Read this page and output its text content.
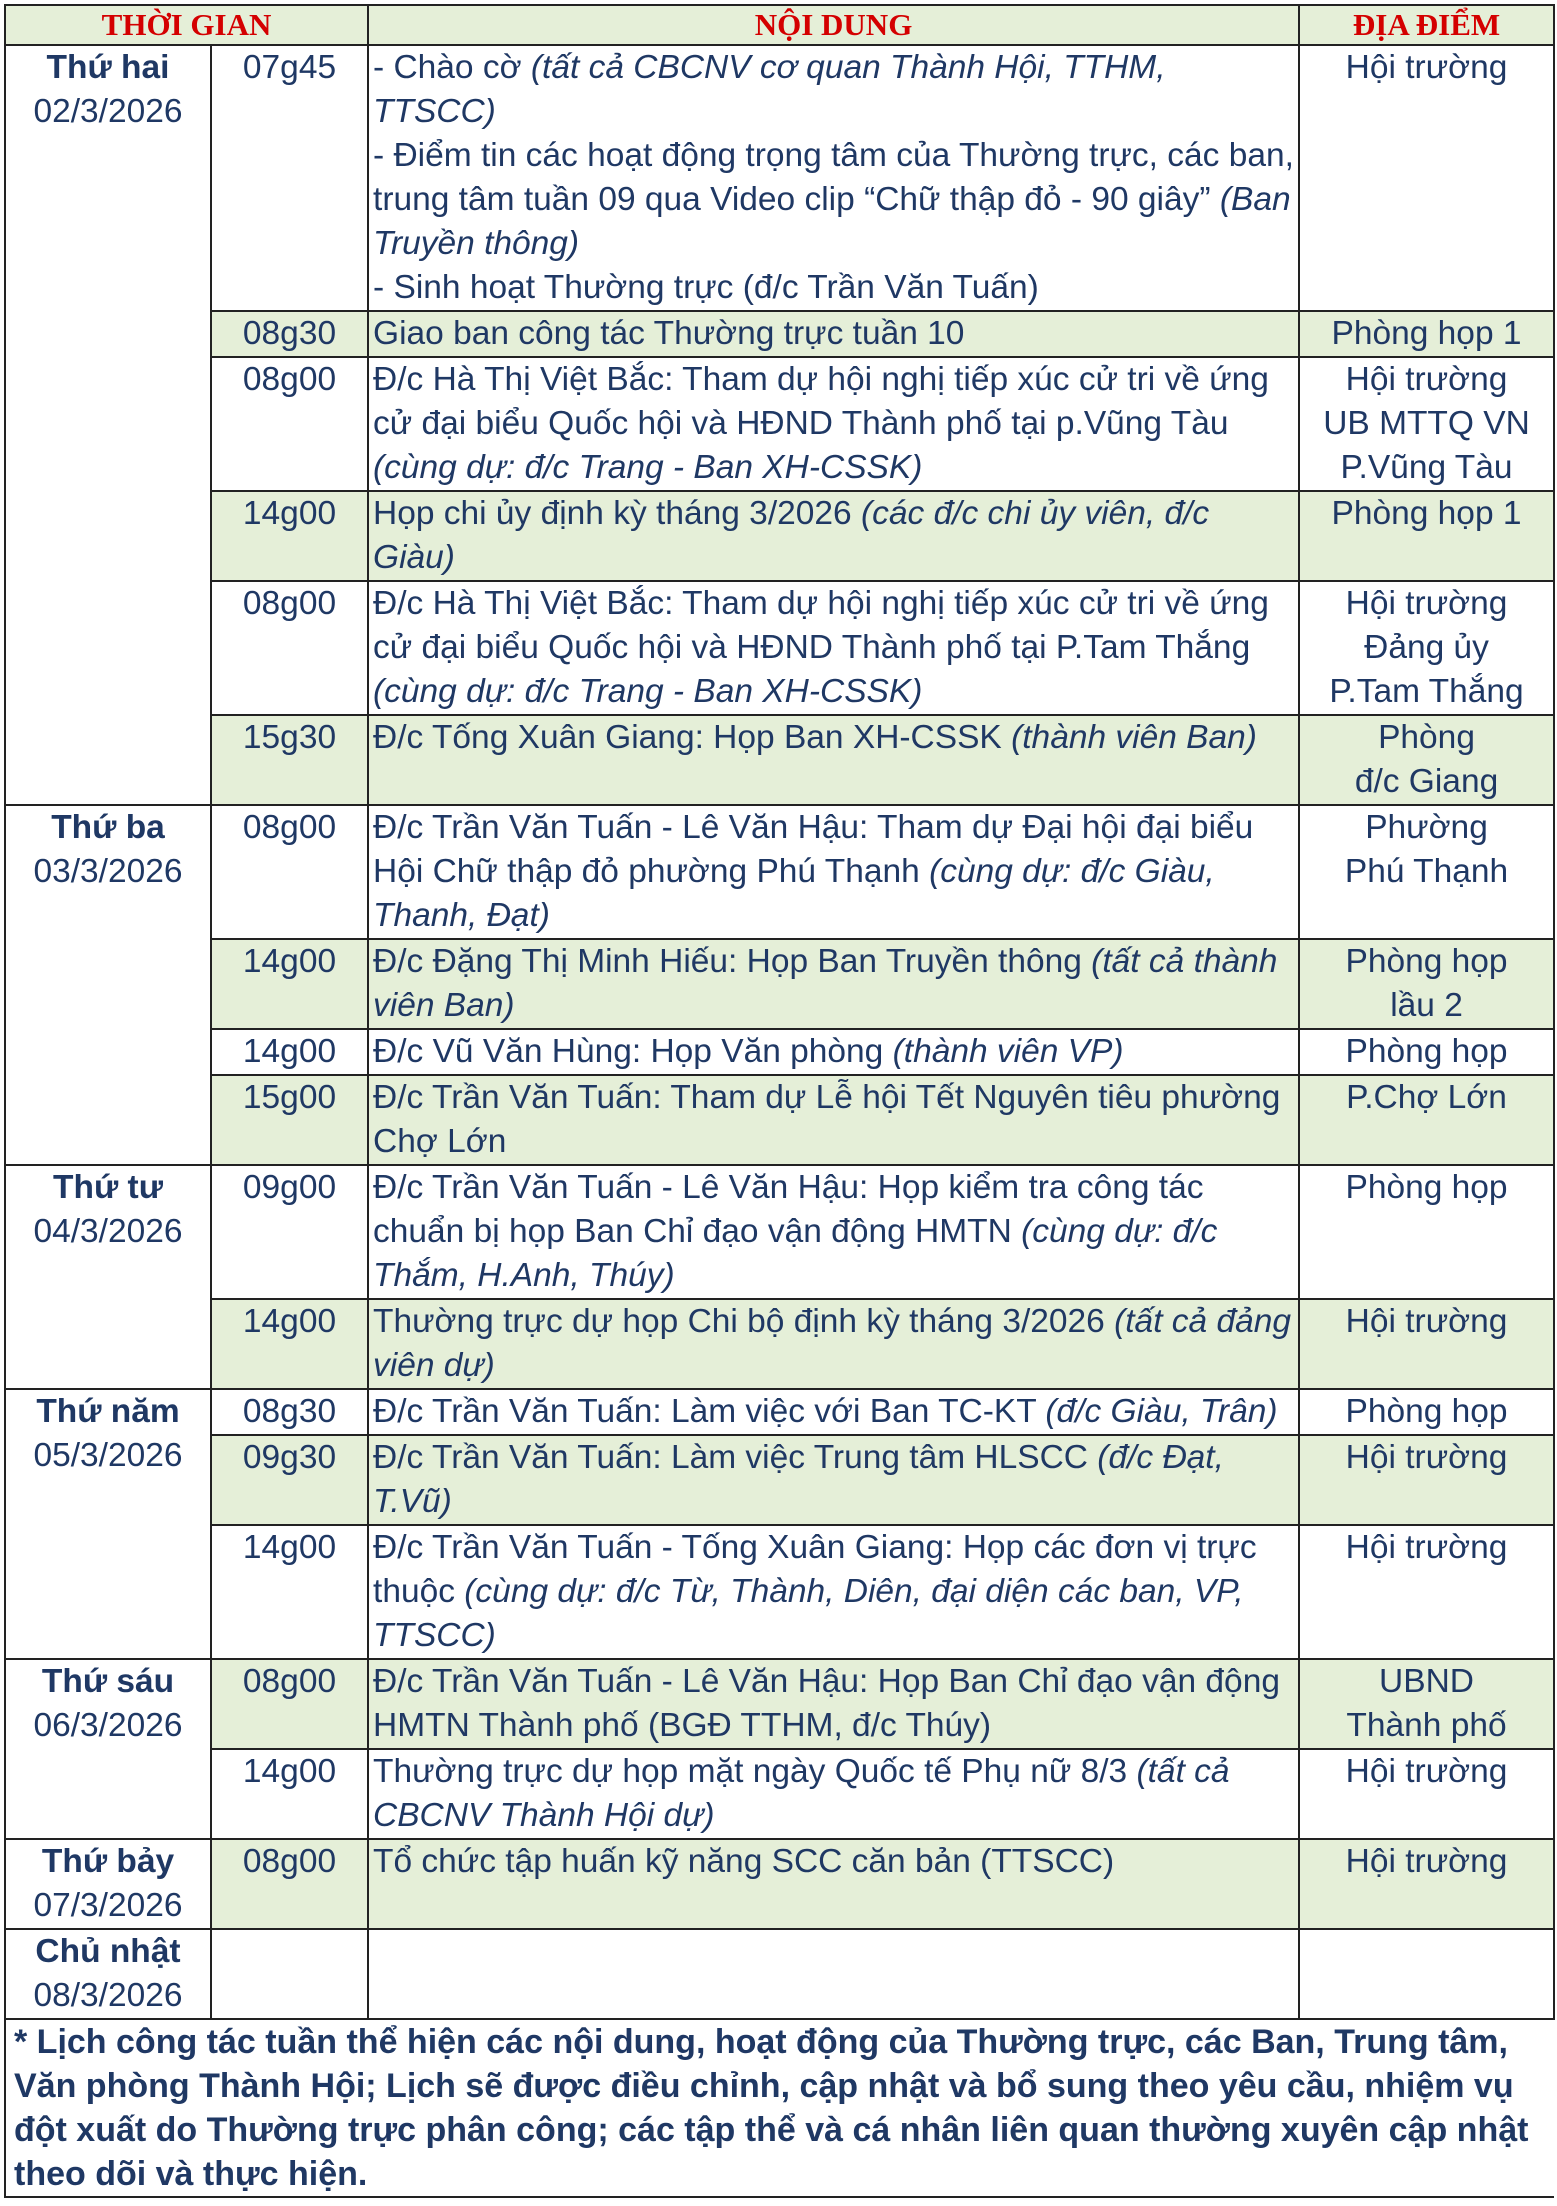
THỜI GIAN		NỘI DUNG	ĐỊA ĐIỂM

Thứ hai
02/3/2026	07g45	- Chào cờ (tất cả CBCNV cơ quan Thành Hội, TTHM, TTSCC)
- Điểm tin các hoạt động trọng tâm của Thường trực, các ban, trung tâm tuần 09 qua Video clip “Chữ thập đỏ - 90 giây” (Ban Truyền thông)
- Sinh hoạt Thường trực (đ/c Trần Văn Tuấn)	Hội trường
	08g30	Giao ban công tác Thường trực tuần 10	Phòng họp 1
	08g00	Đ/c Hà Thị Việt Bắc: Tham dự hội nghị tiếp xúc cử tri về ứng cử đại biểu Quốc hội và HĐND Thành phố tại p.Vũng Tàu (cùng dự: đ/c Trang - Ban XH-CSSK)	Hội trường
UB MTTQ VN
P.Vũng Tàu
	14g00	Họp chi ủy định kỳ tháng 3/2026 (các đ/c chi ủy viên, đ/c Giàu)	Phòng họp 1
	08g00	Đ/c Hà Thị Việt Bắc: Tham dự hội nghị tiếp xúc cử tri về ứng cử đại biểu Quốc hội và HĐND Thành phố tại P.Tam Thắng (cùng dự: đ/c Trang - Ban XH-CSSK)	Hội trường
Đảng ủy
P.Tam Thắng
	15g30	Đ/c Tống Xuân Giang: Họp Ban XH-CSSK (thành viên Ban)	Phòng
đ/c Giang

Thứ ba
03/3/2026	08g00	Đ/c Trần Văn Tuấn - Lê Văn Hậu: Tham dự Đại hội đại biểu Hội Chữ thập đỏ phường Phú Thạnh (cùng dự: đ/c Giàu, Thanh, Đạt)	Phường
Phú Thạnh
	14g00	Đ/c Đặng Thị Minh Hiếu: Họp Ban Truyền thông (tất cả thành viên Ban)	Phòng họp
lầu 2
	14g00	Đ/c Vũ Văn Hùng: Họp Văn phòng (thành viên VP)	Phòng họp
	15g00	Đ/c Trần Văn Tuấn: Tham dự Lễ hội Tết Nguyên tiêu phường Chợ Lớn	P.Chợ Lớn

Thứ tư
04/3/2026	09g00	Đ/c Trần Văn Tuấn - Lê Văn Hậu: Họp kiểm tra công tác chuẩn bị họp Ban Chỉ đạo vận động HMTN (cùng dự: đ/c Thắm, H.Anh, Thúy)	Phòng họp
	14g00	Thường trực dự họp Chi bộ định kỳ tháng 3/2026 (tất cả đảng viên dự)	Hội trường

Thứ năm
05/3/2026	08g30	Đ/c Trần Văn Tuấn: Làm việc với Ban TC-KT (đ/c Giàu, Trân)	Phòng họp
	09g30	Đ/c Trần Văn Tuấn: Làm việc Trung tâm HLSCC (đ/c Đạt, T.Vũ)	Hội trường
	14g00	Đ/c Trần Văn Tuấn - Tống Xuân Giang: Họp các đơn vị trực thuộc (cùng dự: đ/c Từ, Thành, Diên, đại diện các ban, VP, TTSCC)	Hội trường

Thứ sáu
06/3/2026	08g00	Đ/c Trần Văn Tuấn - Lê Văn Hậu: Họp Ban Chỉ đạo vận động HMTN Thành phố (BGĐ TTHM, đ/c Thúy)	UBND
Thành phố
	14g00	Thường trực dự họp mặt ngày Quốc tế Phụ nữ 8/3 (tất cả CBCNV Thành Hội dự)	Hội trường

Thứ bảy
07/3/2026	08g00	Tổ chức tập huấn kỹ năng SCC căn bản (TTSCC)	Hội trường

Chủ nhật
08/3/2026			

* Lịch công tác tuần thể hiện các nội dung, hoạt động của Thường trực, các Ban, Trung tâm, Văn phòng Thành Hội; Lịch sẽ được điều chỉnh, cập nhật và bổ sung theo yêu cầu, nhiệm vụ đột xuất do Thường trực phân công; các tập thể và cá nhân liên quan thường xuyên cập nhật theo dõi và thực hiện.			
